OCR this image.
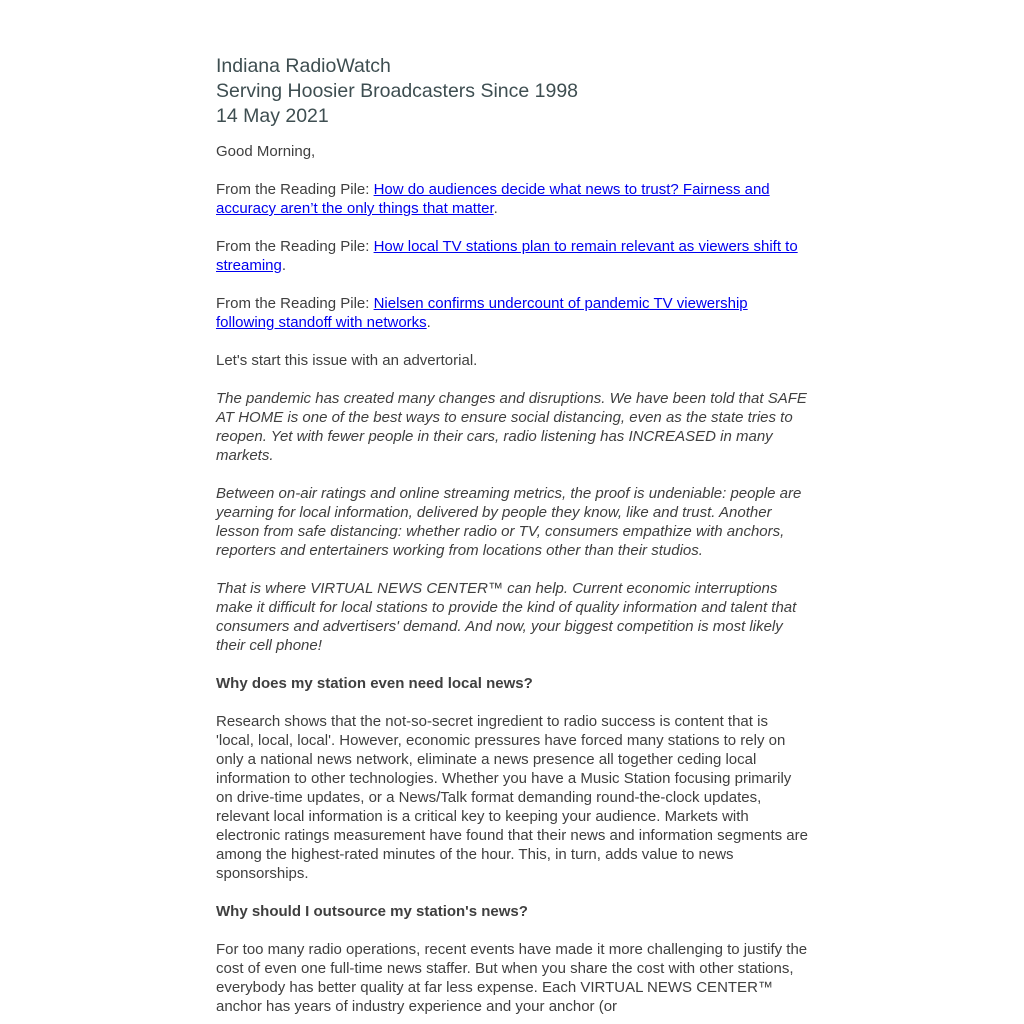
Indiana RadioWatch
Serving Hoosier Broadcasters Since 1998
14 May 2021

Good Morning,

From the Reading Pile: How do audiences decide what news to trust? Fairness and accuracy aren’t the only things that matter.

From the Reading Pile: How local TV stations plan to remain relevant as viewers shift to streaming.

From the Reading Pile: Nielsen confirms undercount of pandemic TV viewership following standoff with networks.

Let's start this issue with an advertorial.

The pandemic has created many changes and disruptions. We have been told that SAFE AT HOME is one of the best ways to ensure social distancing, even as the state tries to reopen. Yet with fewer people in their cars, radio listening has INCREASED in many markets.

Between on-air ratings and online streaming metrics, the proof is undeniable: people are yearning for local information, delivered by people they know, like and trust. Another lesson from safe distancing: whether radio or TV, consumers empathize with anchors, reporters and entertainers working from locations other than their studios.

That is where VIRTUAL NEWS CENTER™ can help. Current economic interruptions make it difficult for local stations to provide the kind of quality information and talent that consumers and advertisers' demand. And now, your biggest competition is most likely their cell phone!

Why does my station even need local news?

Research shows that the not-so-secret ingredient to radio success is content that is 'local, local, local'. However, economic pressures have forced many stations to rely on only a national news network, eliminate a news presence all together ceding local information to other technologies. Whether you have a Music Station focusing primarily on drive-time updates, or a News/Talk format demanding round-the-clock updates, relevant local information is a critical key to keeping your audience. Markets with electronic ratings measurement have found that their news and information segments are among the highest-rated minutes of the hour. This, in turn, adds value to news sponsorships.

Why should I outsource my station's news?

For too many radio operations, recent events have made it more challenging to justify the cost of even one full-time news staffer. But when you share the cost with other stations, everybody has better quality at far less expense. Each VIRTUAL NEWS CENTER™ anchor has years of industry experience and your anchor (or
